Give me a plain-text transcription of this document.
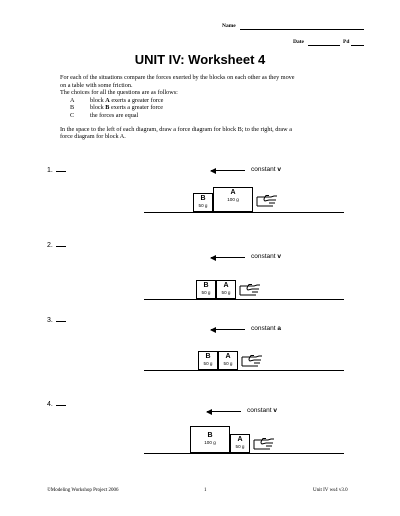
Name
Date	Pd
UNIT IV: Worksheet 4
For each of the situations compare the forces exerted by the blocks on each other as they move
on a table with some friction.
The choices for all the questions are as follows:
A	block A exerts a greater force
B	block B exerts a greater force
C	the forces are equal
In the space to the left of each diagram, draw a force diagram for block B; to the right, draw a
force diagram for block A.
1.	constant v
B
50 g
A
100 g
2.
constant v
B
50 g
A
50 g
3.
constant a
B
50 g
A
50 g
4.
constant v
B
100 g	A
50 g
©Modeling Workshop Project 2006	1	Unit IV ws4 v3.0
